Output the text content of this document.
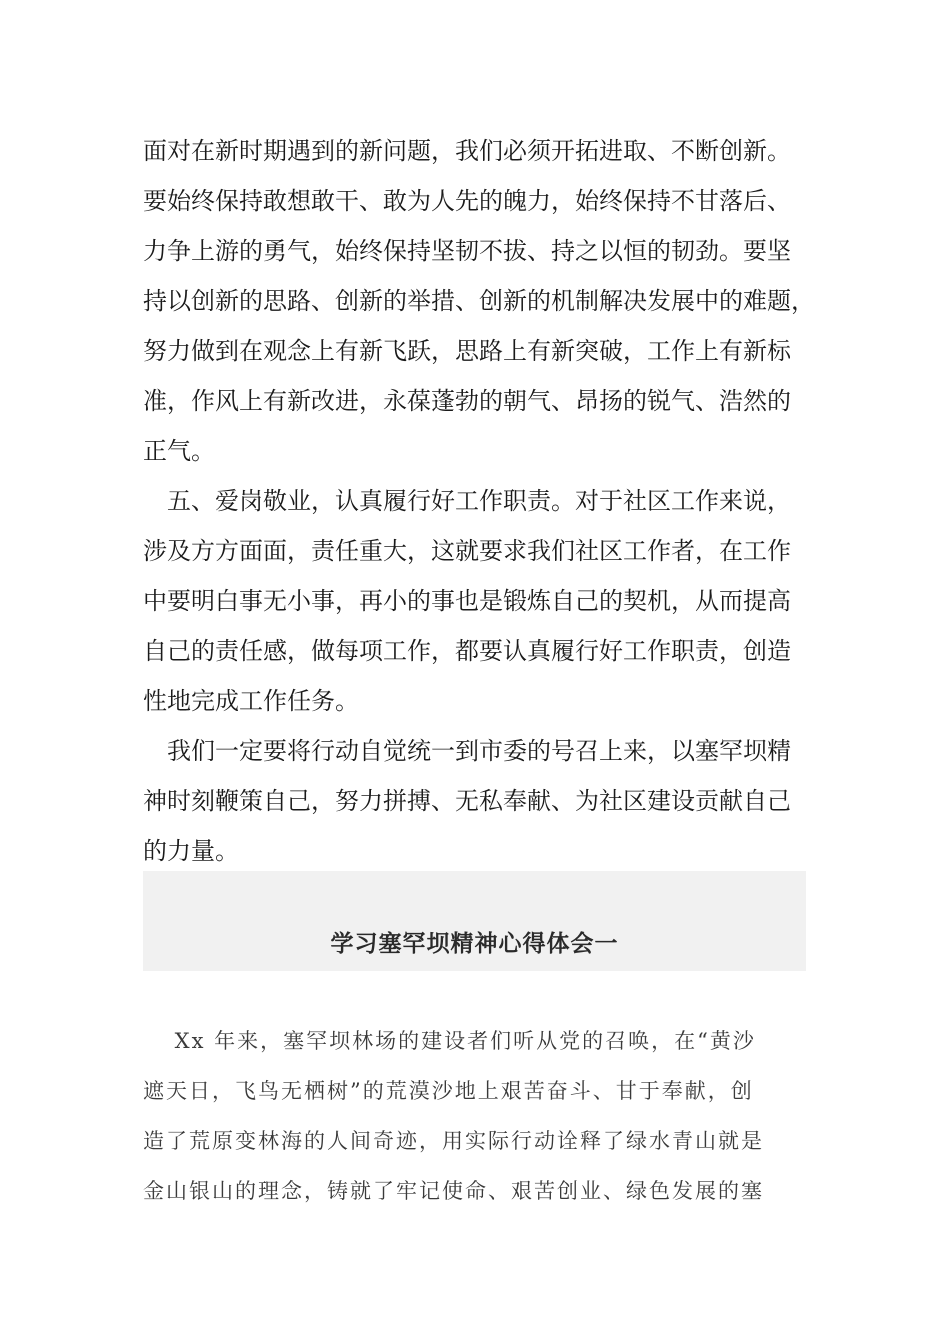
面对在新时期遇到的新问题，我们必须开拓进取、不断创新。
要始终保持敢想敢干、敢为人先的魄力，始终保持不甘落后、
力争上游的勇气，始终保持坚韧不拔、持之以恒的韧劲。要坚
持以创新的思路、创新的举措、创新的机制解决发展中的难题，
努力做到在观念上有新飞跃，思路上有新突破，工作上有新标
准，作风上有新改进，永葆蓬勃的朝气、昂扬的锐气、浩然的
正气。
　五、爱岗敬业，认真履行好工作职责。对于社区工作来说，
涉及方方面面，责任重大，这就要求我们社区工作者，在工作
中要明白事无小事，再小的事也是锻炼自己的契机，从而提高
自己的责任感，做每项工作，都要认真履行好工作职责，创造
性地完成工作任务。
　我们一定要将行动自觉统一到市委的号召上来，以塞罕坝精
神时刻鞭策自己，努力拼搏、无私奉献、为社区建设贡献自己
的力量。
学习塞罕坝精神心得体会一
　 Xx 年来，塞罕坝林场的建设者们听从党的召唤，在“黄沙
遮天日，飞鸟无栖树”的荒漠沙地上艰苦奋斗、甘于奉献，创
造了荒原变林海的人间奇迹，用实际行动诠释了绿水青山就是
金山银山的理念，铸就了牢记使命、艰苦创业、绿色发展的塞
